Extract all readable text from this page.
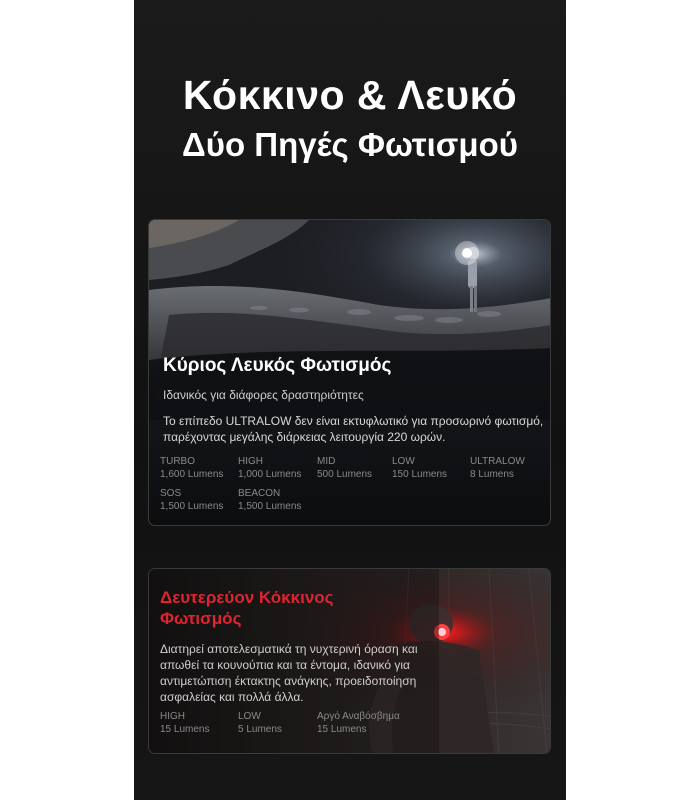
Κόκκινο & Λευκό
Δύο Πηγές Φωτισμού
Κύριος Λευκός Φωτισμός

Ιδανικός για διάφορες δραστηριότητες

Το επίπεδο ULTRALOW δεν είναι εκτυφλωτικό για προσωρινό φωτισμό, παρέχοντας μεγάλης διάρκειας λειτουργία 220 ωρών.

TURBO
1,600 Lumens
HIGH
1,000 Lumens
MID
500 Lumens
LOW
150 Lumens
ULTRALOW
8 Lumens
SOS
1,500 Lumens
BEACON
1,500 Lumens
Δευτερεύον Κόκκινος Φωτισμός

Διατηρεί αποτελεσματικά τη νυχτερινή όραση και απωθεί τα κουνούπια και τα έντομα, ιδανικό για αντιμετώπιση έκτακτης ανάγκης, προειδοποίηση ασφαλείας και πολλά άλλα.

HIGH
15 Lumens
LOW
5 Lumens
Αργό Αναβόσβημα
15 Lumens
